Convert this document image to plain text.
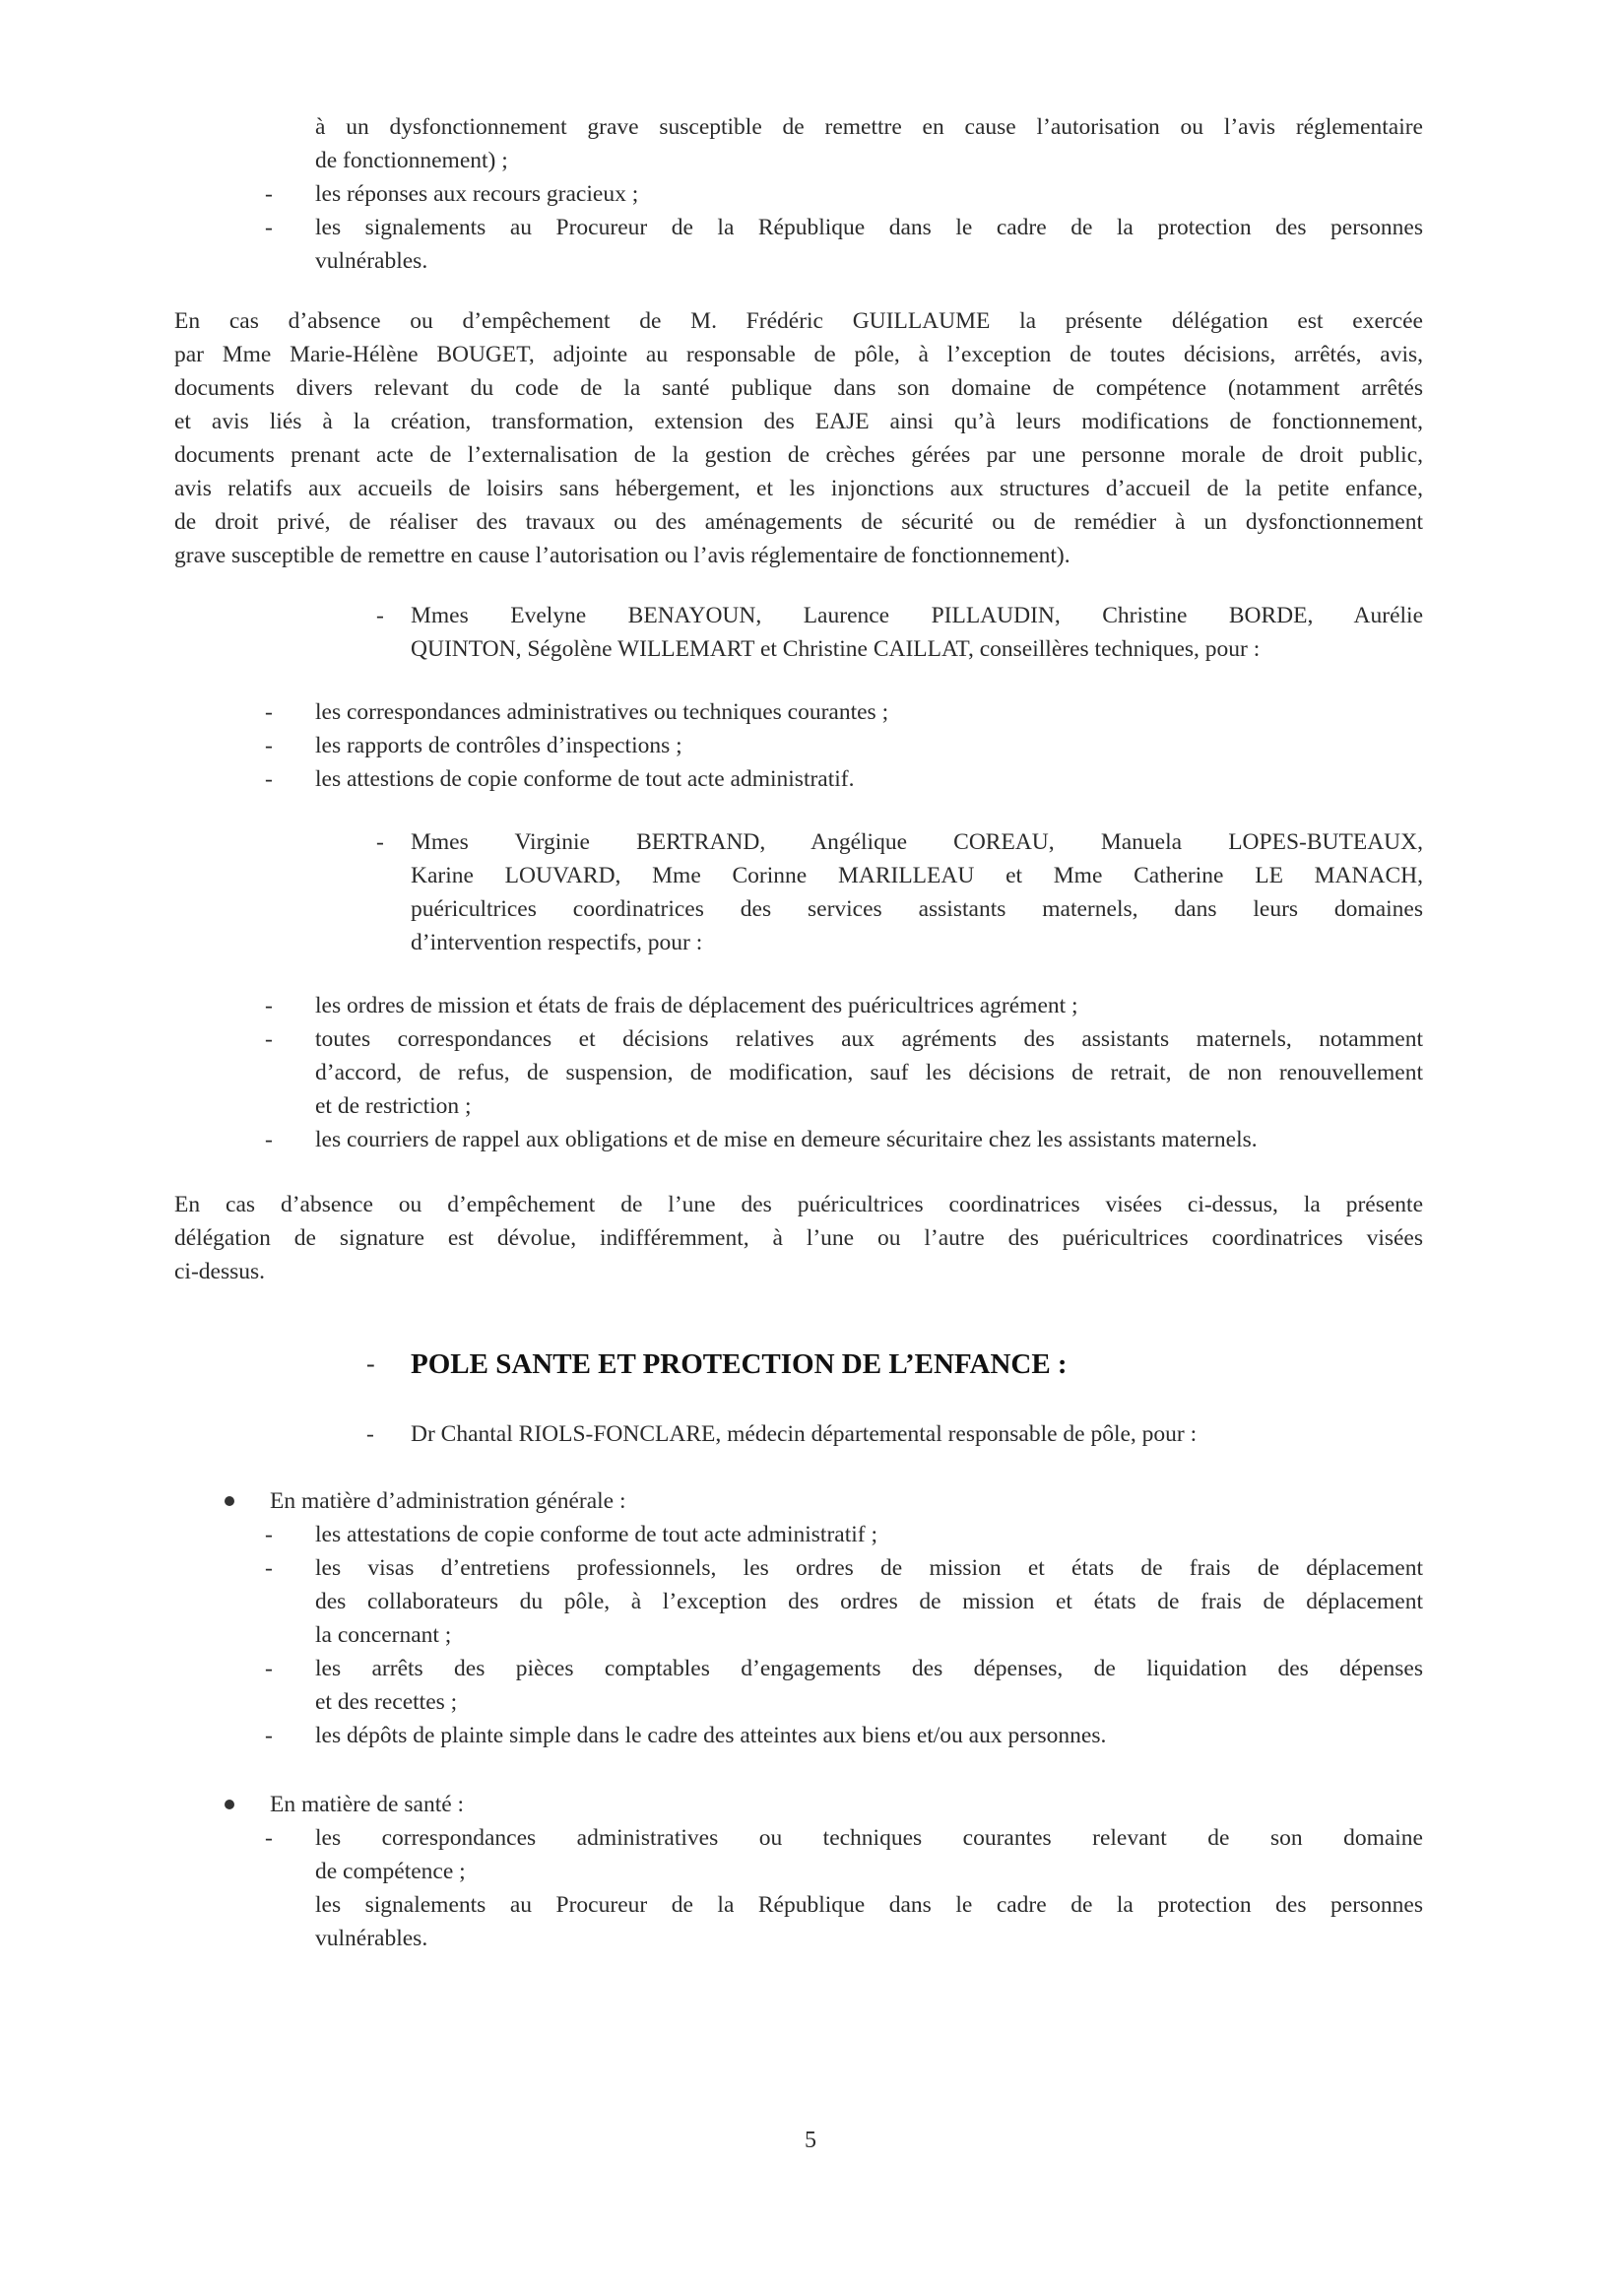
à un dysfonctionnement grave susceptible de remettre en cause l’autorisation ou l’avis réglementaire
de fonctionnement) ;
- les réponses aux recours gracieux ;
- les signalements au Procureur de la République dans le cadre de la protection des personnes
vulnérables.
En cas d’absence ou d’empêchement de M. Frédéric GUILLAUME la présente délégation est exercée
par Mme Marie-Hélène BOUGET, adjointe au responsable de pôle, à l’exception de toutes décisions, arrêtés, avis,
documents divers relevant du code de la santé publique dans son domaine de compétence (notamment arrêtés
et avis liés à la création, transformation, extension des EAJE ainsi qu’à leurs modifications de fonctionnement,
documents prenant acte de l’externalisation de la gestion de crèches gérées par une personne morale de droit public,
avis relatifs aux accueils de loisirs sans hébergement, et les injonctions aux structures d’accueil de la petite enfance,
de droit privé, de réaliser des travaux ou des aménagements de sécurité ou de remédier à un dysfonctionnement
grave susceptible de remettre en cause l’autorisation ou l’avis réglementaire de fonctionnement).
- Mmes Evelyne BENAYOUN, Laurence PILLAUDIN, Christine BORDE, Aurélie
QUINTON, Ségolène WILLEMART et Christine CAILLAT, conseillères techniques, pour :
- les correspondances administratives ou techniques courantes ;
- les rapports de contrôles d’inspections ;
- les attestions de copie conforme de tout acte administratif.
- Mmes Virginie BERTRAND, Angélique COREAU, Manuela LOPES-BUTEAUX,
Karine LOUVARD, Mme Corinne MARILLEAU et Mme Catherine LE MANACH,
puéricultrices coordinatrices des services assistants maternels, dans leurs domaines
d’intervention respectifs, pour :
- les ordres de mission et états de frais de déplacement des puéricultrices agrément ;
- toutes correspondances et décisions relatives aux agréments des assistants maternels, notamment
d’accord, de refus, de suspension, de modification, sauf les décisions de retrait, de non renouvellement
et de restriction ;
- les courriers de rappel aux obligations et de mise en demeure sécuritaire chez les assistants maternels.
En cas d’absence ou d’empêchement de l’une des puéricultrices coordinatrices visées ci-dessus, la présente
délégation de signature est dévolue, indifféremment, à l’une ou l’autre des puéricultrices coordinatrices visées
ci-dessus.
- POLE SANTE ET PROTECTION DE L’ENFANCE :
- Dr Chantal RIOLS-FONCLARE, médecin départemental responsable de pôle, pour :
En matière d’administration générale :
- les attestations de copie conforme de tout acte administratif ;
- les visas d’entretiens professionnels, les ordres de mission et états de frais de déplacement
des collaborateurs du pôle, à l’exception des ordres de mission et états de frais de déplacement
la concernant ;
- les arrêts des pièces comptables d’engagements des dépenses, de liquidation des dépenses
et des recettes ;
- les dépôts de plainte simple dans le cadre des atteintes aux biens et/ou aux personnes.
En matière de santé :
- les correspondances administratives ou techniques courantes relevant de son domaine
de compétence ;
les signalements au Procureur de la République dans le cadre de la protection des personnes
vulnérables.
5
